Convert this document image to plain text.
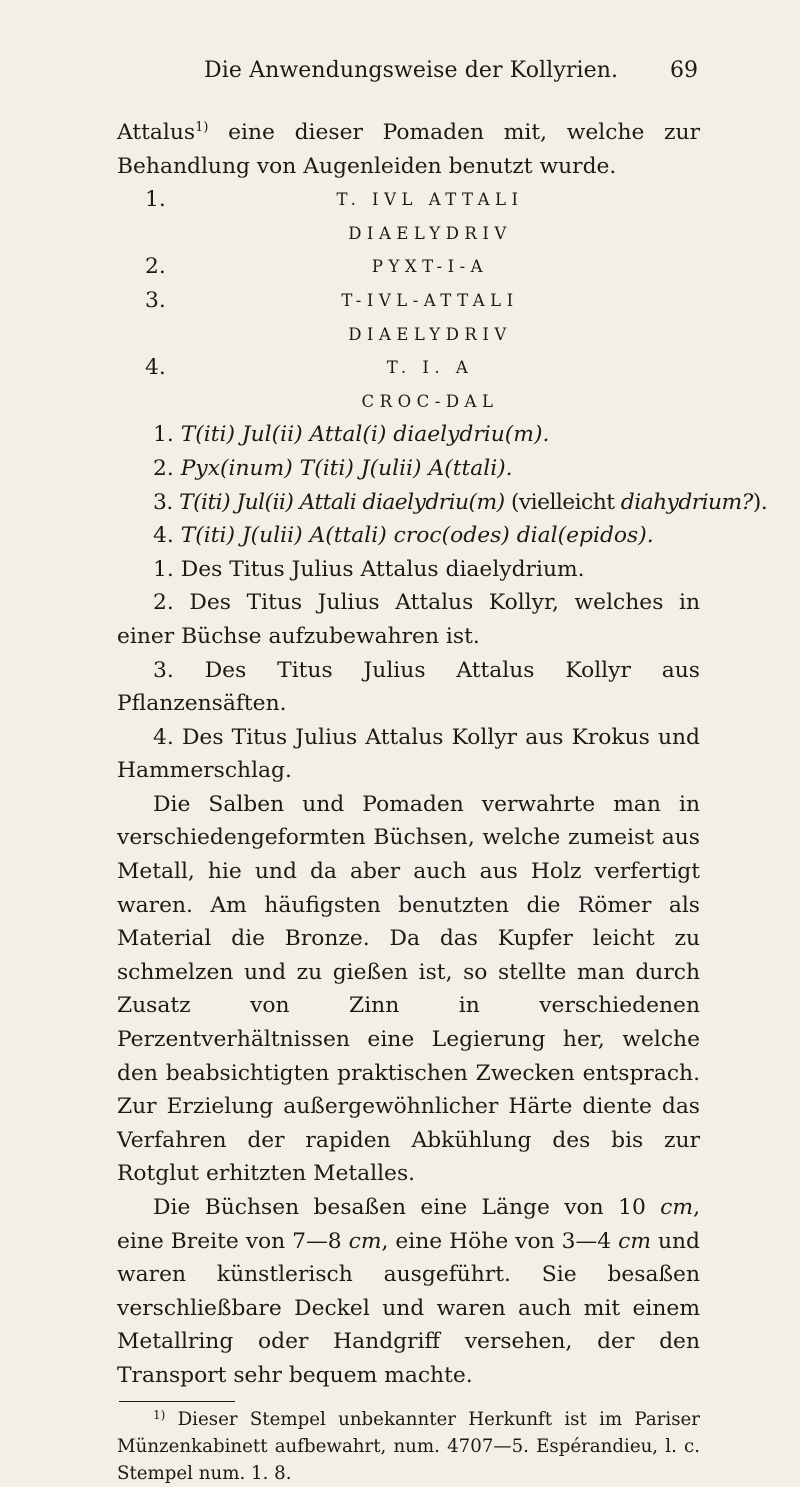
Die Anwendungsweise der Kollyrien. 69

Attalus$^{1)}$ eine dieser Pomaden mit, welche zur Behandlung von Augenleiden benutzt wurde.

1.	T. IVL ATTALI
DIAELYDRIV
2.	PYXT-I-A
3.	T-IVL-ATTALI
DIAELYDRIV
4.	T. I. A
CROC-DAL

1. T(iti) Jul(ii) Attal(i) diaelydriu(m).

2. Pyx(inum) T(iti) J(ulii) A(ttali).

3. T(iti) Jul(ii) Attali diaelydriu(m) (vielleicht diahydrium?).

4. T(iti) J(ulii) A(ttali) croc(odes) dial(epidos).

1. Des Titus Julius Attalus diaelydrium.

2. Des Titus Julius Attalus Kollyr, welches in einer Büchse aufzubewahren ist.

3. Des Titus Julius Attalus Kollyr aus Pflanzensäften.

4. Des Titus Julius Attalus Kollyr aus Krokus und Hammerschlag.

Die Salben und Pomaden verwahrte man in verschiedengeformten Büchsen, welche zumeist aus Metall, hie und da aber auch aus Holz verfertigt waren. Am häufigsten benutzten die Römer als Material die Bronze. Da das Kupfer leicht zu schmelzen und zu gießen ist, so stellte man durch Zusatz von Zinn in verschiedenen Perzentverhältnissen eine Legierung her, welche den beabsichtigten praktischen Zwecken entsprach. Zur Erzielung außergewöhnlicher Härte diente das Verfahren der rapiden Abkühlung des bis zur Rotglut erhitzten Metalles.

Die Büchsen besaßen eine Länge von 10 cm, eine Breite von 7—8 cm, eine Höhe von 3—4 cm und waren künstlerisch ausgeführt. Sie besaßen verschließbare Deckel und waren auch mit einem Metallring oder Handgriff versehen, der den Transport sehr bequem machte.

$^{1)}$ Dieser Stempel unbekannter Herkunft ist im Pariser Münzenkabinett aufbewahrt, num. 4707—5. Espérandieu, l. c. Stempel num. 1. 8.
